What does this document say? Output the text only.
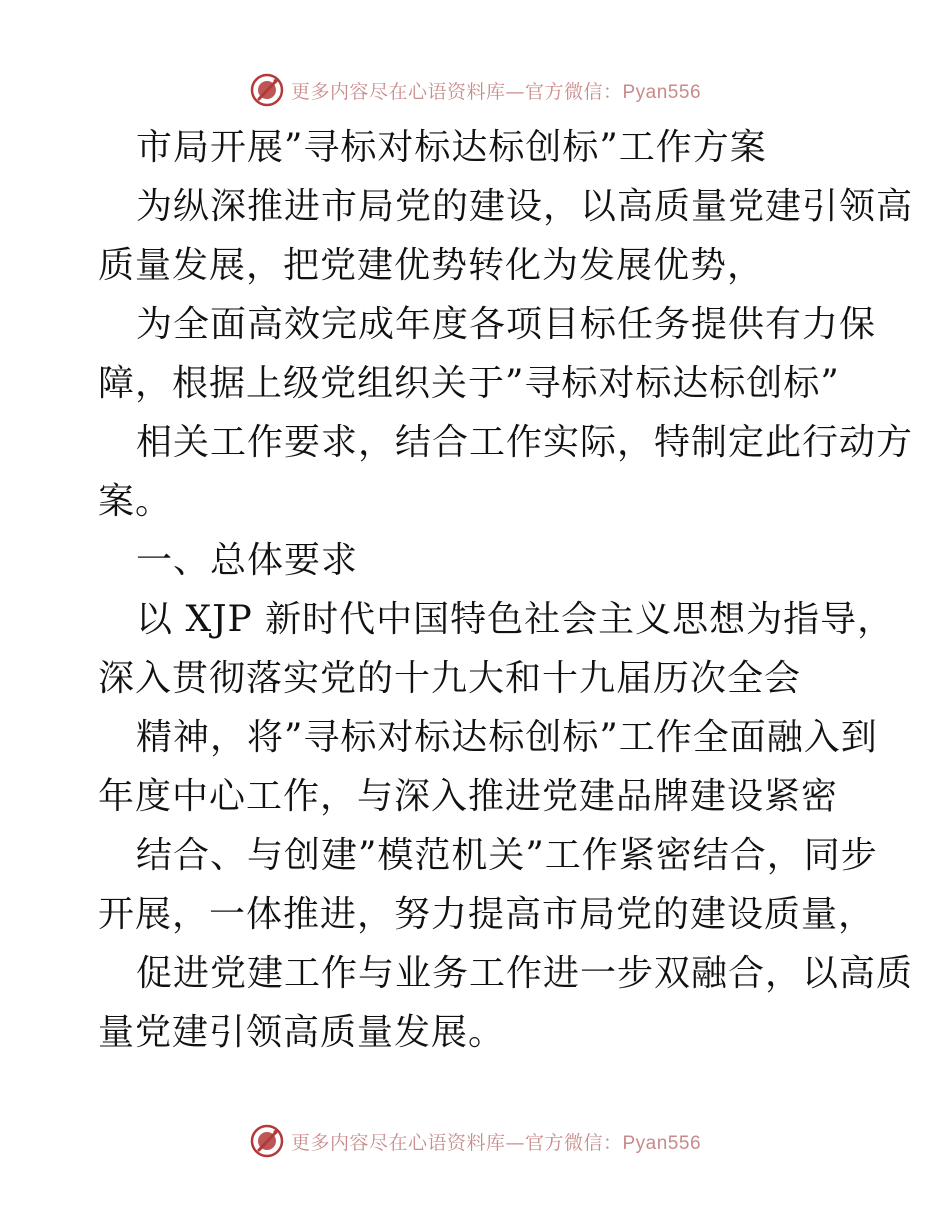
更多内容尽在心语资料库—官方微信：Pyan556

市局开展”寻标对标达标创标”工作方案

为纵深推进市局党的建设，以高质量党建引领高

质量发展，把党建优势转化为发展优势，

为全面高效完成年度各项目标任务提供有力保

障，根据上级党组织关于”寻标对标达标创标”

相关工作要求，结合工作实际，特制定此行动方

案。

一、总体要求

以 XJP 新时代中国特色社会主义思想为指导，

深入贯彻落实党的十九大和十九届历次全会

精神，将”寻标对标达标创标”工作全面融入到

年度中心工作，与深入推进党建品牌建设紧密

结合、与创建”模范机关”工作紧密结合，同步

开展，一体推进，努力提高市局党的建设质量，

促进党建工作与业务工作进一步双融合，以高质

量党建引领高质量发展。

更多内容尽在心语资料库—官方微信：Pyan556
